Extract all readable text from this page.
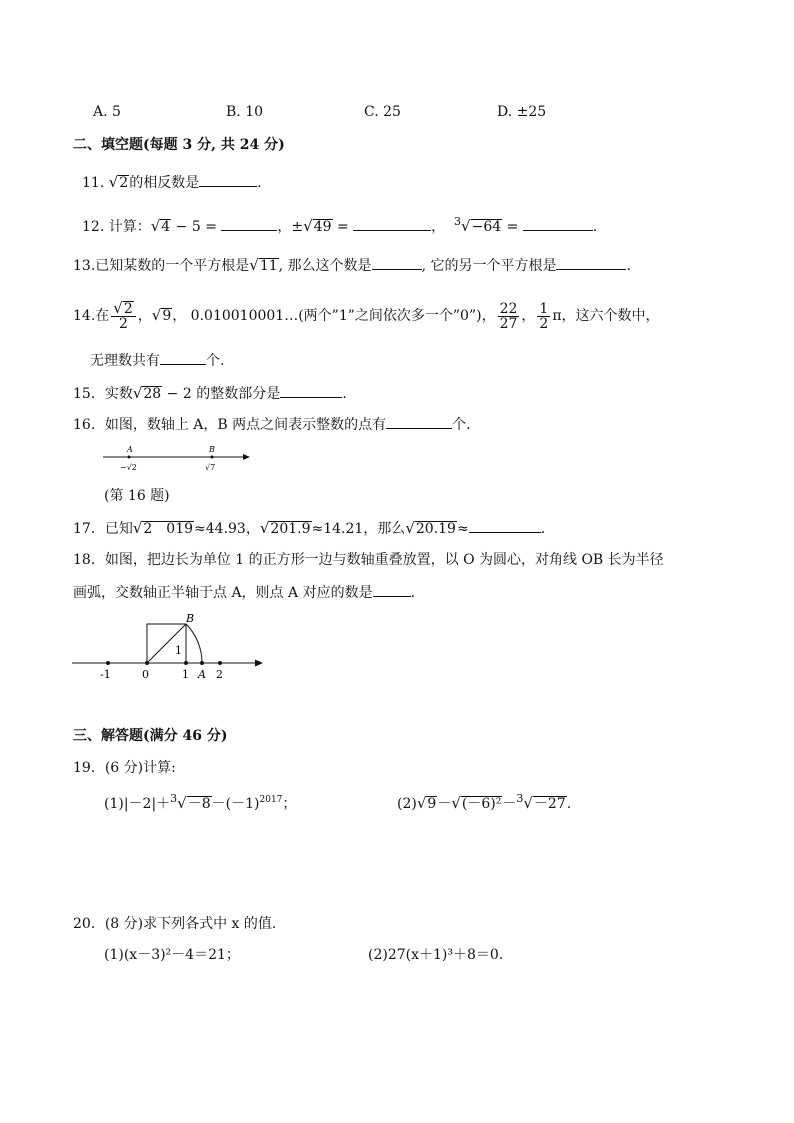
A. 5	B. 10	C. 25	D. ±25
二、填空题(每题 3 分, 共 24 分)
11. √2的相反数是	.
12. 计算：√4 − 5 =	，±√49 =	， $^3$√−64 =	.
13.已知某数的一个平方根是√11, 那么这个数是	, 它的另一个平方根是	.
14.在 $\frac{√2}{2}$ ，√9， 0.010010001…(两个”1”之间依次多一个”0”)， $\frac{22}{27}$ ， $\frac{1}{2}$ π，这六个数中，
无理数共有	个.
15．实数√28 − 2 的整数部分是	.
16．如图，数轴上 A，B 两点之间表示整数的点有	个.
A	B
−√2	√7
(第 16 题)
17．已知√2　019≈44.93，√201.9≈14.21，那么√20.19≈	.
18．如图，把边长为单位 1 的正方形一边与数轴重叠放置，以 O 为圆心，对角线 OB 长为半径
画弧，交数轴正半轴于点 A，则点 A 对应的数是	.
-1	0	1 A 2
B
1
三、解答题(满分 46 分)
19．(6 分)计算:
$(1)|-2|+^3√-8-(-1)^{2017}$；	(2)√9－√(－6)²－$^3$√－27.
20．(8 分)求下列各式中 x 的值.
(1)(x－3)²－4＝21；	(2)27(x＋1)³＋8＝0.
